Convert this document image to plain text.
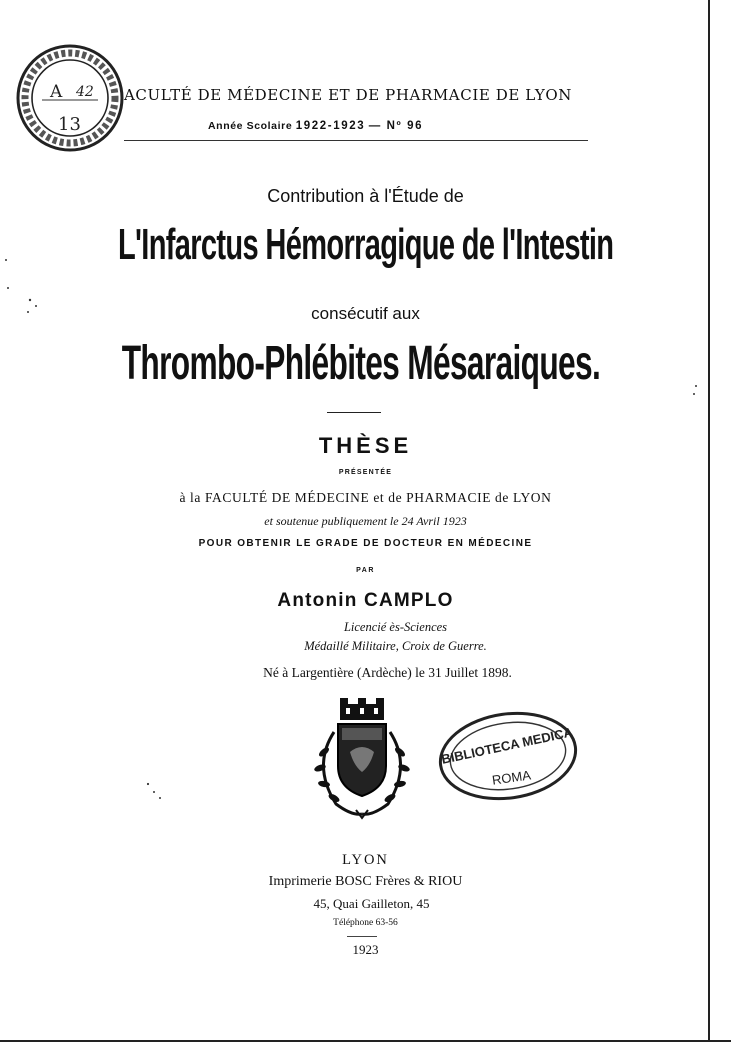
A 42
13
ACULTÉ DE MÉDECINE ET DE PHARMACIE DE LYON
Année Scolaire 1922-1923 — Nº 96
Contribution à l'Étude de
L'Infarctus Hémorragique de l'Intestin
consécutif aux
Thrombo-Phlébites Mésaraiques.
THÈSE
PRÉSENTÉE
à la FACULTÉ DE MÉDECINE et de PHARMACIE de LYON
et soutenue publiquement le 24 Avril 1923
POUR OBTENIR LE GRADE DE DOCTEUR EN MÉDECINE
PAR
Antonin CAMPLO
Licencié ès-Sciences
Médaillé Militaire, Croix de Guerre.
Né à Largentière (Ardèche) le 31 Juillet 1898.
BIBLIOTECA MEDICA
ROMA
LYON
Imprimerie BOSC Frères & RIOU
45, Quai Gailleton, 45
Téléphone 63-56
1923
